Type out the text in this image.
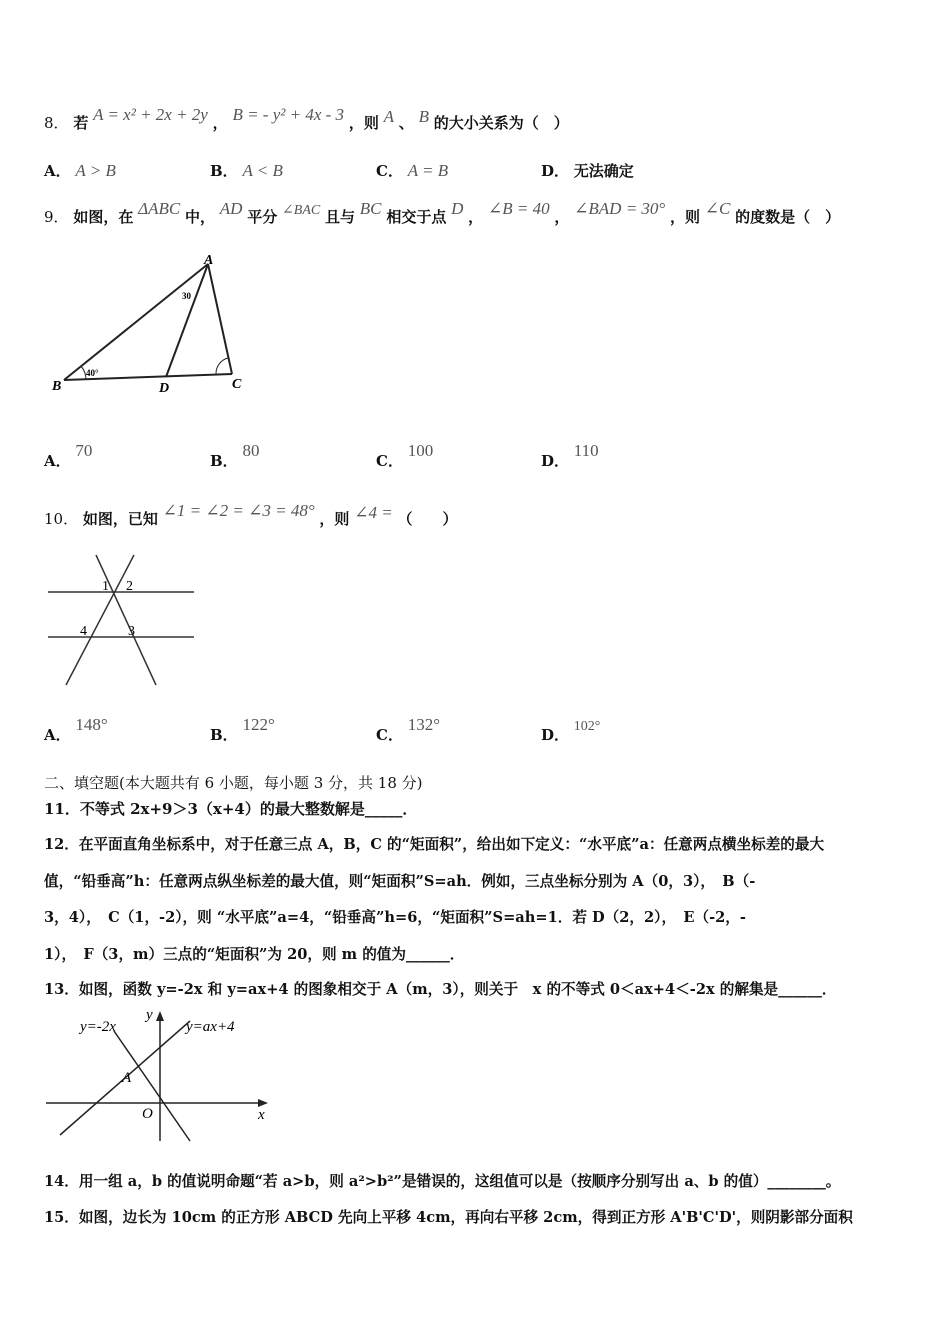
8． 若 A = x² + 2x + 2y ， B = - y² + 4x - 3 ，则 A 、 B 的大小关系为（　）
A． A > B	B． A < B	C． A = B	D． 无法确定
9． 如图，在 ΔABC 中， AD 平分 ∠BAC 且与 BC 相交于点 D ， ∠B = 40 ， ∠BAD = 30° ，则 ∠C 的度数是（　）
A
B	C
D
40°
30
A． 70
B． 80
C． 100
D． 110
10． 如图，已知 ∠1 = ∠2 = ∠3 = 48° ，则 ∠4 = （　　）
1 2
3
4
A． 148°
B． 122°
C． 132°
D． 102°
二、填空题(本大题共有 6 小题，每小题 3 分，共 18 分)
11．不等式 2x+9＞3（x+4）的最大整数解是_____．
12．在平面直角坐标系中，对于任意三点 A，B，C 的“矩面积”，给出如下定义：“水平底”a：任意两点横坐标差的最大
值，“铅垂高”h：任意两点纵坐标差的最大值，则“矩面积”S=ah．例如，三点坐标分别为 A（0，3），　B（-
3，4），　C（1，-2），则 “水平底”a=4，“铅垂高”h=6，“矩面积”S=ah=1．若 D（2，2），　E（-2，-
1），　F（3，m）三点的“矩面积”为 20，则 m 的值为______．
13．如图，函数 y=-2x 和 y=ax+4 的图象相交于 A（m，3），则关于　x 的不等式 0＜ax+4＜-2x 的解集是______．
y=-2x	y=ax+4
y
x
O
A
14．用一组 a，b 的值说明命题“若 a>b，则 a²>b²”是错误的，这组值可以是（按顺序分别写出 a、b 的值）________。
15．如图，边长为 10cm 的正方形 ABCD 先向上平移 4cm，再向右平移 2cm，得到正方形 A'B'C'D'，则阴影部分面积
